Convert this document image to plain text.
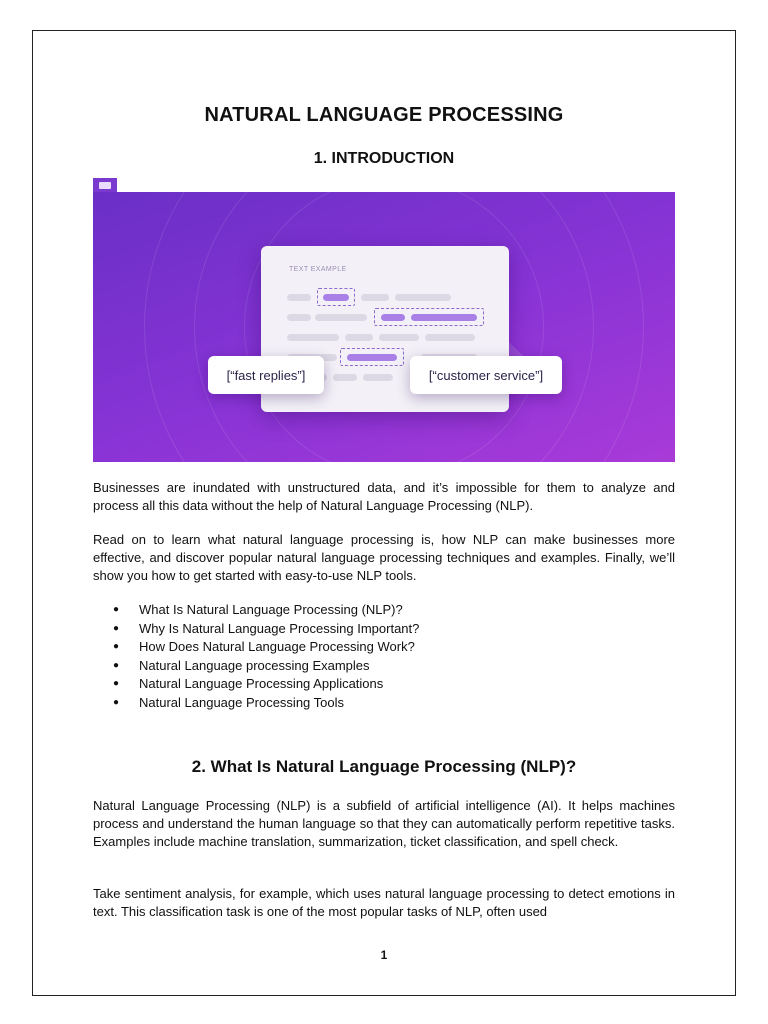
NATURAL LANGUAGE PROCESSING
1. INTRODUCTION
TEXT EXAMPLE
[“fast replies”]	[“customer service”]

Businesses are inundated with unstructured data, and it’s impossible for them to analyze and process all this data without the help of Natural Language Processing (NLP).

Read on to learn what natural language processing is, how NLP can make businesses more effective, and discover popular natural language processing techniques and examples. Finally, we’ll show you how to get started with easy-to-use NLP tools.

●	What Is Natural Language Processing (NLP)?
●	Why Is Natural Language Processing Important?
●	How Does Natural Language Processing Work?
●	Natural Language processing Examples
●	Natural Language Processing Applications
●	Natural Language Processing Tools
2. What Is Natural Language Processing (NLP)?

Natural Language Processing (NLP) is a subfield of artificial intelligence (AI). It helps machines process and understand the human language so that they can automatically perform repetitive tasks. Examples include machine translation, summarization, ticket classification, and spell check.

Take sentiment analysis, for example, which uses natural language processing to detect emotions in text. This classification task is one of the most popular tasks of NLP, often used

1
